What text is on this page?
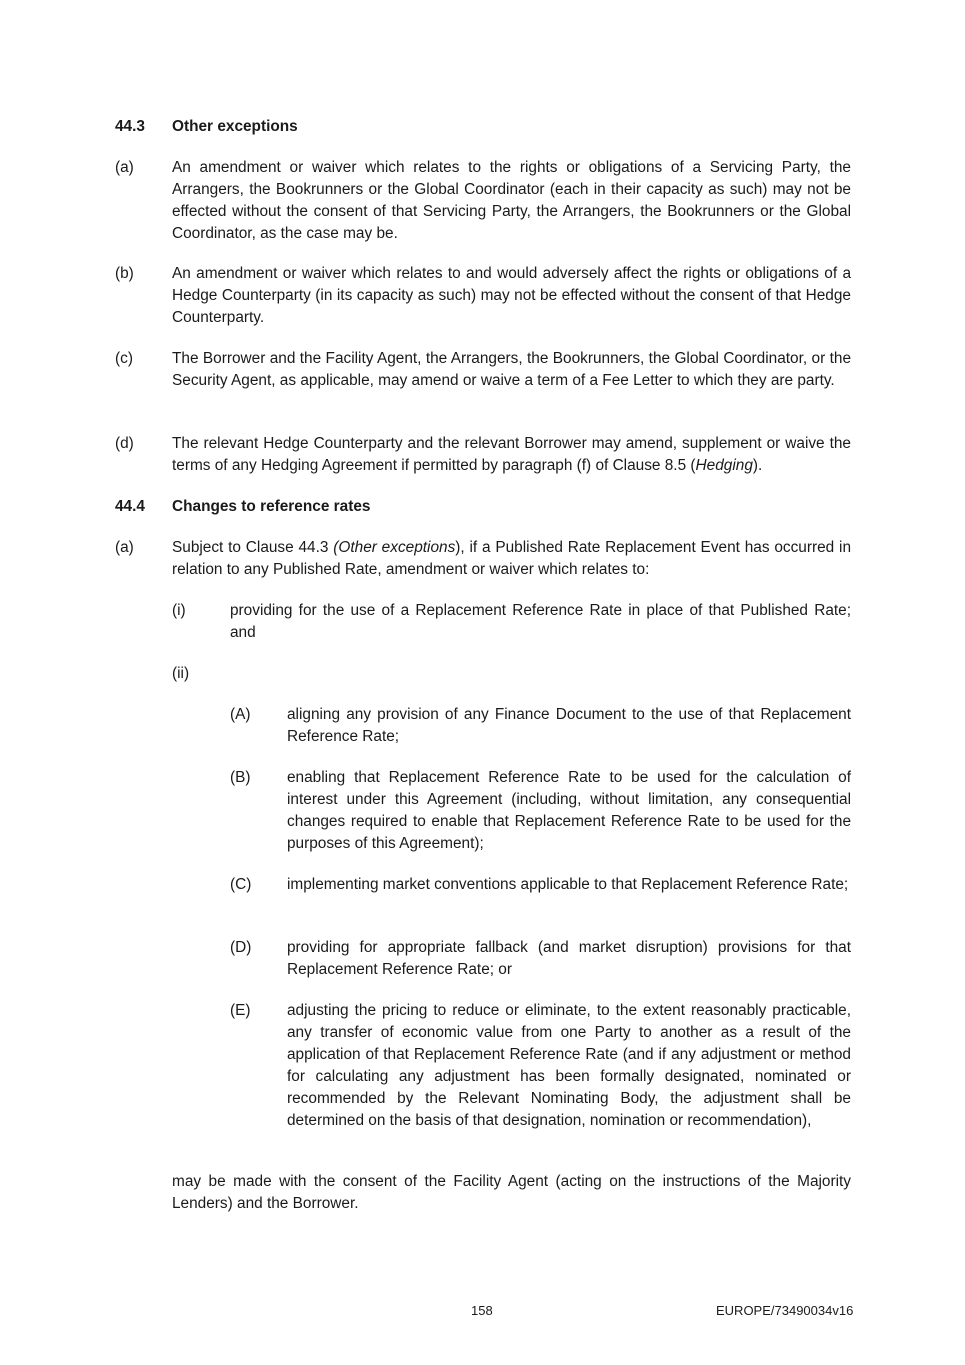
44.3 Other exceptions
(a) An amendment or waiver which relates to the rights or obligations of a Servicing Party, the Arrangers, the Bookrunners or the Global Coordinator (each in their capacity as such) may not be effected without the consent of that Servicing Party, the Arrangers, the Bookrunners or the Global Coordinator, as the case may be.
(b) An amendment or waiver which relates to and would adversely affect the rights or obligations of a Hedge Counterparty (in its capacity as such) may not be effected without the consent of that Hedge Counterparty.
(c)	The Borrower and the Facility Agent, the Arrangers, the Bookrunners, the Global Coordinator, or the Security Agent, as applicable, may amend or waive a term of a Fee Letter to which they are party.
(d) The relevant Hedge Counterparty and the relevant Borrower may amend, supplement or waive the terms of any Hedging Agreement if permitted by paragraph (f) of Clause 8.5 (Hedging).
44.4 Changes to reference rates
(a) Subject to Clause 44.3 (Other exceptions), if a Published Rate Replacement Event has occurred in relation to any Published Rate, amendment or waiver which relates to:
(i)	providing for the use of a Replacement Reference Rate in place of that Published Rate; and
(ii)
(A) aligning any provision of any Finance Document to the use of that Replacement Reference Rate;
(B) enabling that Replacement Reference Rate to be used for the calculation of interest under this Agreement (including, without limitation, any consequential changes required to enable that Replacement Reference Rate to be used for the purposes of this Agreement);
(C) implementing market conventions applicable to that Replacement Reference Rate;
(D) providing for appropriate fallback (and market disruption) provisions for that Replacement Reference Rate; or
(E) adjusting the pricing to reduce or eliminate, to the extent reasonably practicable, any transfer of economic value from one Party to another as a result of the application of that Replacement Reference Rate (and if any adjustment or method for calculating any adjustment has been formally designated, nominated or recommended by the Relevant Nominating Body, the adjustment shall be determined on the basis of that designation, nomination or recommendation),
may be made with the consent of the Facility Agent (acting on the instructions of the Majority Lenders) and the Borrower.
158	EUROPE/73490034v16
